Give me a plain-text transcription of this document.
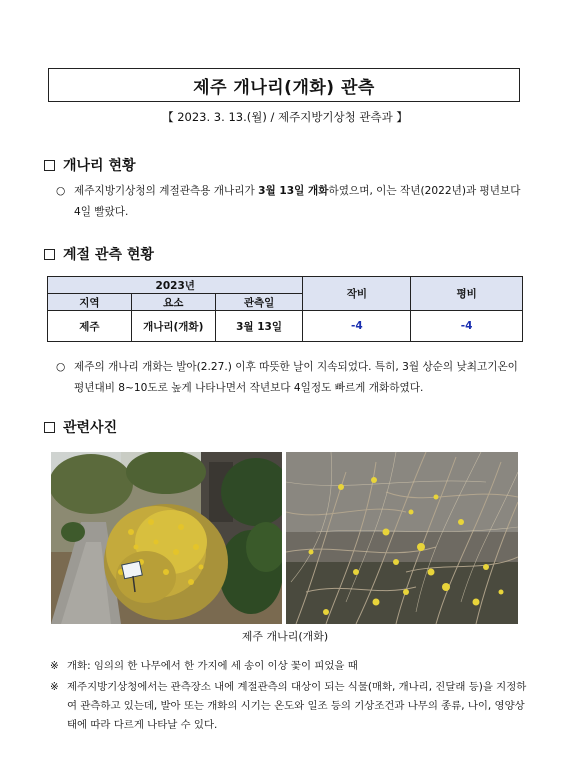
제주 개나리(개화) 관측
【 2023. 3. 13.(월) / 제주지방기상청 관측과 】
개나리 현황
○ 제주지방기상청의 계절관측용 개나리가 3월 13일 개화하였으며, 이는 작년(2022년)과 평년보다 4일 빨랐다.
계절 관측 현황
2023년			작비	평비
지역	요소	관측일		
제주	개나리(개화)	3월 13일	-4	-4
○ 제주의 개나리 개화는 발아(2.27.) 이후 따뜻한 날이 지속되었다. 특히, 3월 상순의 낮최고기온이 평년대비 8~10도로 높게 나타나면서 작년보다 4일정도 빠르게 개화하였다.
관련사진
제주 개나리(개화)
※ 개화: 임의의 한 나무에서 한 가지에 세 송이 이상 꽃이 피었을 때
※ 제주지방기상청에서는 관측장소 내에 계절관측의 대상이 되는 식물(매화, 개나리, 진달래 등)을 지정하여 관측하고 있는데, 발아 또는 개화의 시기는 온도와 일조 등의 기상조건과 나무의 종류, 나이, 영양상태에 따라 다르게 나타날 수 있다.
